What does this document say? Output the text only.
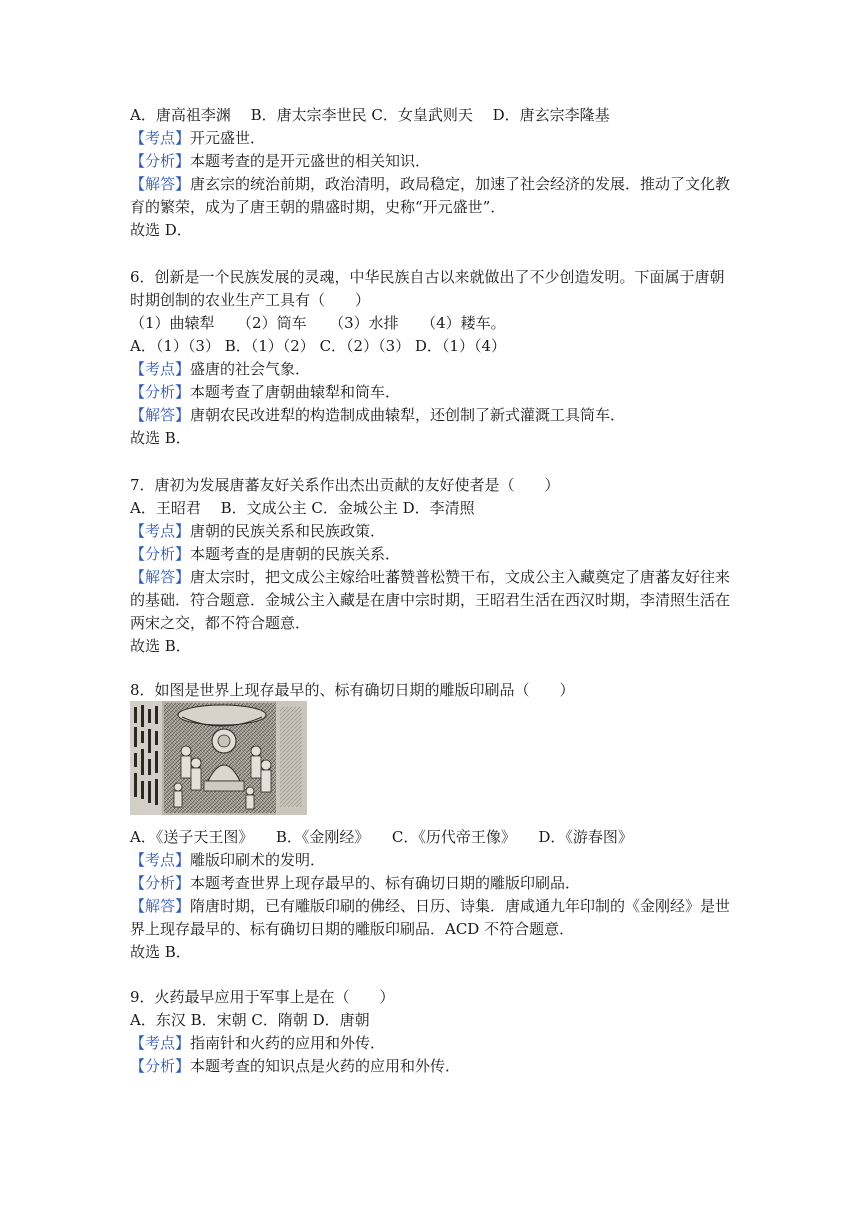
A．唐高祖李渊　 B．唐太宗李世民 C．女皇武则天　 D．唐玄宗李隆基
【考点】开元盛世．
【分析】本题考查的是开元盛世的相关知识．
【解答】唐玄宗的统治前期，政治清明，政局稳定，加速了社会经济的发展．推动了文化教
育的繁荣，成为了唐王朝的鼎盛时期，史称“开元盛世”．
故选 D．
6．创新是一个民族发展的灵魂，中华民族自古以来就做出了不少创造发明。下面属于唐朝
时期创制的农业生产工具有（　　）
（1）曲辕犁　　（2）筒车　　（3）水排　　（4）耧车。
A．（1）（3） B．（1）（2） C．（2）（3） D．（1）（4）
【考点】盛唐的社会气象．
【分析】本题考查了唐朝曲辕犁和筒车．
【解答】唐朝农民改进犁的构造制成曲辕犁，还创制了新式灌溉工具筒车．
故选 B．
7．唐初为发展唐蕃友好关系作出杰出贡献的友好使者是（　　）
A．王昭君　 B．文成公主 C．金城公主 D．李清照
【考点】唐朝的民族关系和民族政策．
【分析】本题考查的是唐朝的民族关系．
【解答】唐太宗时，把文成公主嫁给吐蕃赞普松赞干布，文成公主入藏奠定了唐蕃友好往来
的基础．符合题意．金城公主入藏是在唐中宗时期，王昭君生活在西汉时期，李清照生活在
两宋之交，都不符合题意．
故选 B．
8．如图是世界上现存最早的、标有确切日期的雕版印刷品（　　）
A．《送子天王图》　　B．《金刚经》　　C．《历代帝王像》　　D．《游春图》
【考点】雕版印刷术的发明．
【分析】本题考查世界上现存最早的、标有确切日期的雕版印刷品．
【解答】隋唐时期，已有雕版印刷的佛经、日历、诗集．唐咸通九年印制的《金刚经》是世
界上现存最早的、标有确切日期的雕版印刷品．ACD 不符合题意．
故选 B．
9．火药最早应用于军事上是在（　　）
A．东汉 B．宋朝 C．隋朝 D．唐朝
【考点】指南针和火药的应用和外传．
【分析】本题考查的知识点是火药的应用和外传．
